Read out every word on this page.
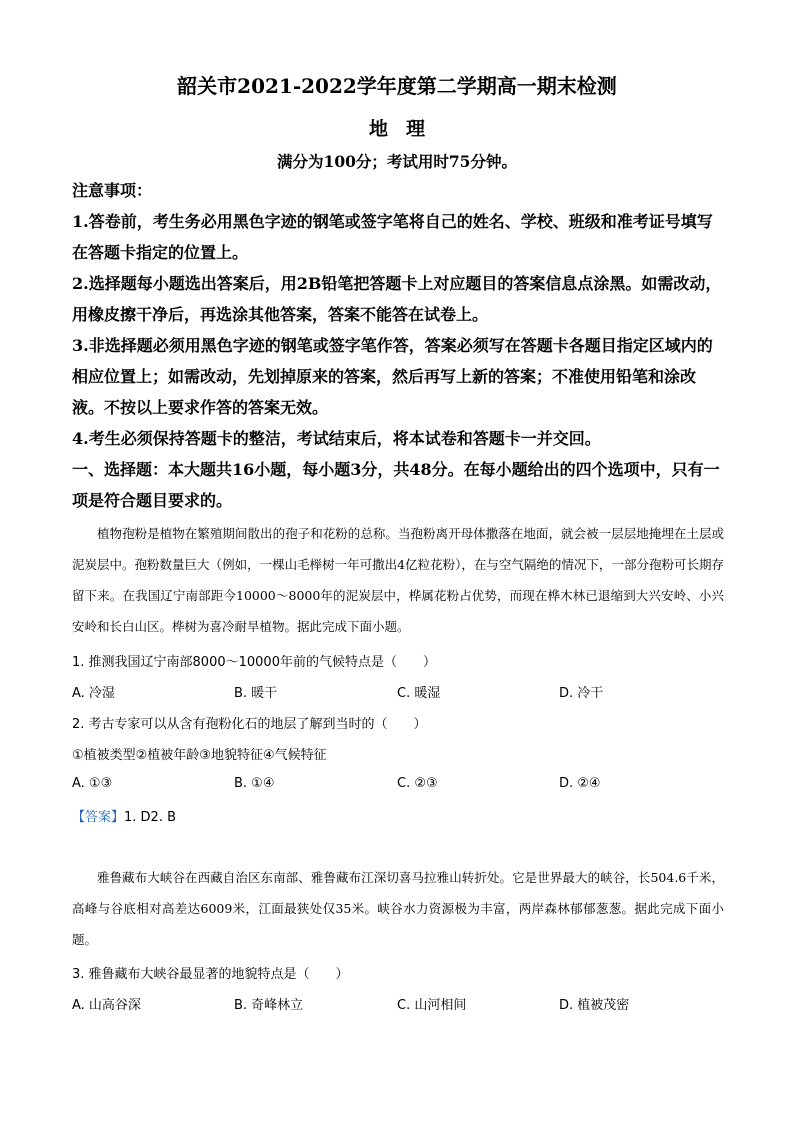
韶关市2021-2022学年度第二学期高一期末检测
地理
满分为100分；考试用时75分钟。

注意事项：

1.答卷前，考生务必用黑色字迹的钢笔或签字笔将自己的姓名、学校、班级和准考证号填写在答题卡指定的位置上。

2.选择题每小题选出答案后，用2B铅笔把答题卡上对应题目的答案信息点涂黑。如需改动，用橡皮擦干净后，再选涂其他答案，答案不能答在试卷上。

3.非选择题必须用黑色字迹的钢笔或签字笔作答，答案必须写在答题卡各题目指定区域内的相应位置上；如需改动，先划掉原来的答案，然后再写上新的答案；不准使用铅笔和涂改液。不按以上要求作答的答案无效。

4.考生必须保持答题卡的整洁，考试结束后，将本试卷和答题卡一并交回。

一、选择题：本大题共16小题，每小题3分，共48分。在每小题给出的四个选项中，只有一项是符合题目要求的。

植物孢粉是植物在繁殖期间散出的孢子和花粉的总称。当孢粉离开母体撒落在地面，就会被一层层地掩埋在土层或泥炭层中。孢粉数量巨大（例如，一棵山毛榉树一年可撒出4亿粒花粉），在与空气隔绝的情况下，一部分孢粉可长期存留下来。在我国辽宁南部距今10000～8000年的泥炭层中，桦属花粉占优势，而现在桦木林已退缩到大兴安岭、小兴安岭和长白山区。桦树为喜冷耐旱植物。据此完成下面小题。

1. 推测我国辽宁南部8000～10000年前的气候特点是（　　）
A. 冷湿	B. 暖干	C. 暖湿	D. 冷干
2. 考古专家可以从含有孢粉化石的地层了解到当时的（　　）
①植被类型②植被年龄③地貌特征④气候特征
A. ①③	B. ①④	C. ②③	D. ②④
【答案】1. D2. B

雅鲁藏布大峡谷在西藏自治区东南部、雅鲁藏布江深切喜马拉雅山转折处。它是世界最大的峡谷，长504.6千米，高峰与谷底相对高差达6009米，江面最狭处仅35米。峡谷水力资源极为丰富，两岸森林郁郁葱葱。据此完成下面小题。

3. 雅鲁藏布大峡谷最显著的地貌特点是（　　）
A. 山高谷深	B. 奇峰林立	C. 山河相间	D. 植被茂密
